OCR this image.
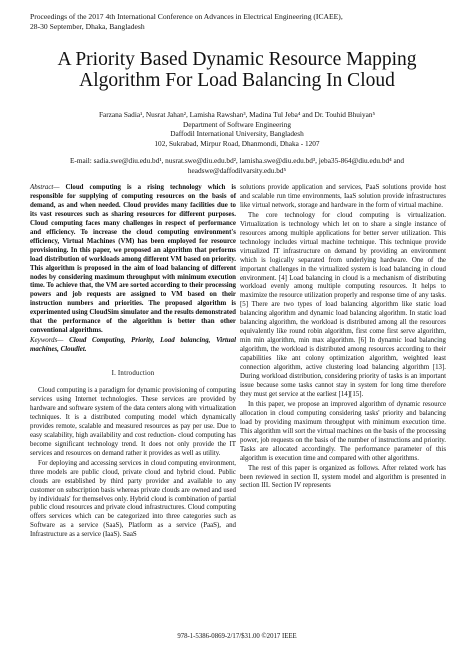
Proceedings of the 2017 4th International Conference on Advances in Electrical Engineering (ICAEE),
28-30 September, Dhaka, Bangladesh
A Priority Based Dynamic Resource Mapping
Algorithm For Load Balancing In Cloud
Farzana Sadia¹, Nusrat Jahan², Lamisha Rawshan³, Madina Tul Jeba⁴ and Dr. Touhid Bhuiyan⁵
Department of Software Engineering
Daffodil International University, Bangladesh
102, Sukrabad, Mirpur Road, Dhanmondi, Dhaka - 1207
E-mail: sadia.swe@diu.edu.bd¹, nusrat.swe@diu.edu.bd², lamisha.swe@diu.edu.bd³, jeba35-864@diu.edu.bd⁴ and
headswe@daffodilvarsity.edu.bd⁵

Abstract— Cloud computing is a rising technology which is responsible for supplying of computing resources on the basis of demand, as and when needed. Cloud provides many facilities due to its vast resources such as sharing resources for different purposes. Cloud computing faces many challenges in respect of performance and efficiency. To increase the cloud computing environment's efficiency, Virtual Machines (VM) has been employed for resource provisioning. In this paper, we proposed an algorithm that performs load distribution of workloads among different VM based on priority. This algorithm is proposed in the aim of load balancing of different nodes by considering maximum throughput with minimum execution time. To achieve that, the VM are sorted according to their processing powers and job requests are assigned to VM based on their instruction numbers and priorities. The proposed algorithm is experimented using CloudSim simulator and the results demonstrated that the performance of the algorithm is better than other conventional algorithms.

Keywords— Cloud Computing, Priority, Load balancing, Virtual machines, Cloudlet.

I. Introduction

Cloud computing is a paradigm for dynamic provisioning of computing services using Internet technologies. These services are provided by hardware and software system of the data centers along with virtualization techniques. It is a distributed computing model which dynamically provides remote, scalable and measured resources as pay per use. Due to easy scalability, high availability and cost reduction- cloud computing has become significant technology trend. It does not only provide the IT services and resources on demand rather it provides as well as utility.

For deploying and accessing services in cloud computing environment, three models are public cloud, private cloud and hybrid cloud. Public clouds are established by third party provider and available to any customer on subscription basis whereas private clouds are owned and used by individuals' for themselves only. Hybrid cloud is combination of partial public cloud resources and private cloud infrastructures. Cloud computing offers services which can be categorized into three categories such as Software as a service (SaaS), Platform as a service (PaaS), and Infrastructure as a service (IaaS). SaaS

solutions provide application and services, PaaS solutions provide host and scalable run time environments, IaaS solution provide infrastructures like virtual network, storage and hardware in the form of virtual machine.

The core technology for cloud computing is virtualization. Virtualization is technology which let on to share a single instance of resources among multiple applications for better server utilization. This technology includes virtual machine technique. This technique provide virtualized IT infrastructure on demand by providing an environment which is logically separated from underlying hardware. One of the important challenges in the virtualized system is load balancing in cloud environment. [4] Load balancing in cloud is a mechanism of distributing workload evenly among multiple computing resources. It helps to maximize the resource utilization properly and response time of any tasks. [5] There are two types of load balancing algorithm like static load balancing algorithm and dynamic load balancing algorithm. In static load balancing algorithm, the workload is distributed among all the resources equivalently like round robin algorithm, first come first serve algorithm, min min algorithm, min max algorithm. [6] In dynamic load balancing algorithm, the workload is distributed among resources according to their capabilities like ant colony optimization algorithm, weighted least connection algorithm, active clustering load balancing algorithm [13]. During workload distribution, considering priority of tasks is an important issue because some tasks cannot stay in system for long time therefore they must get service at the earliest [14][15].

In this paper, we propose an improved algorithm of dynamic resource allocation in cloud computing considering tasks' priority and balancing load by providing maximum throughput with minimum execution time. This algorithm will sort the virtual machines on the basis of the processing power, job requests on the basis of the number of instructions and priority. Tasks are allocated accordingly. The performance parameter of this algorithm is execution time and compared with other algorithms.

The rest of this paper is organized as follows. After related work has been reviewed in section II, system model and algorithm is presented in section III. Section IV represents

978-1-5386-0869-2/17/$31.00 ©2017 IEEE
